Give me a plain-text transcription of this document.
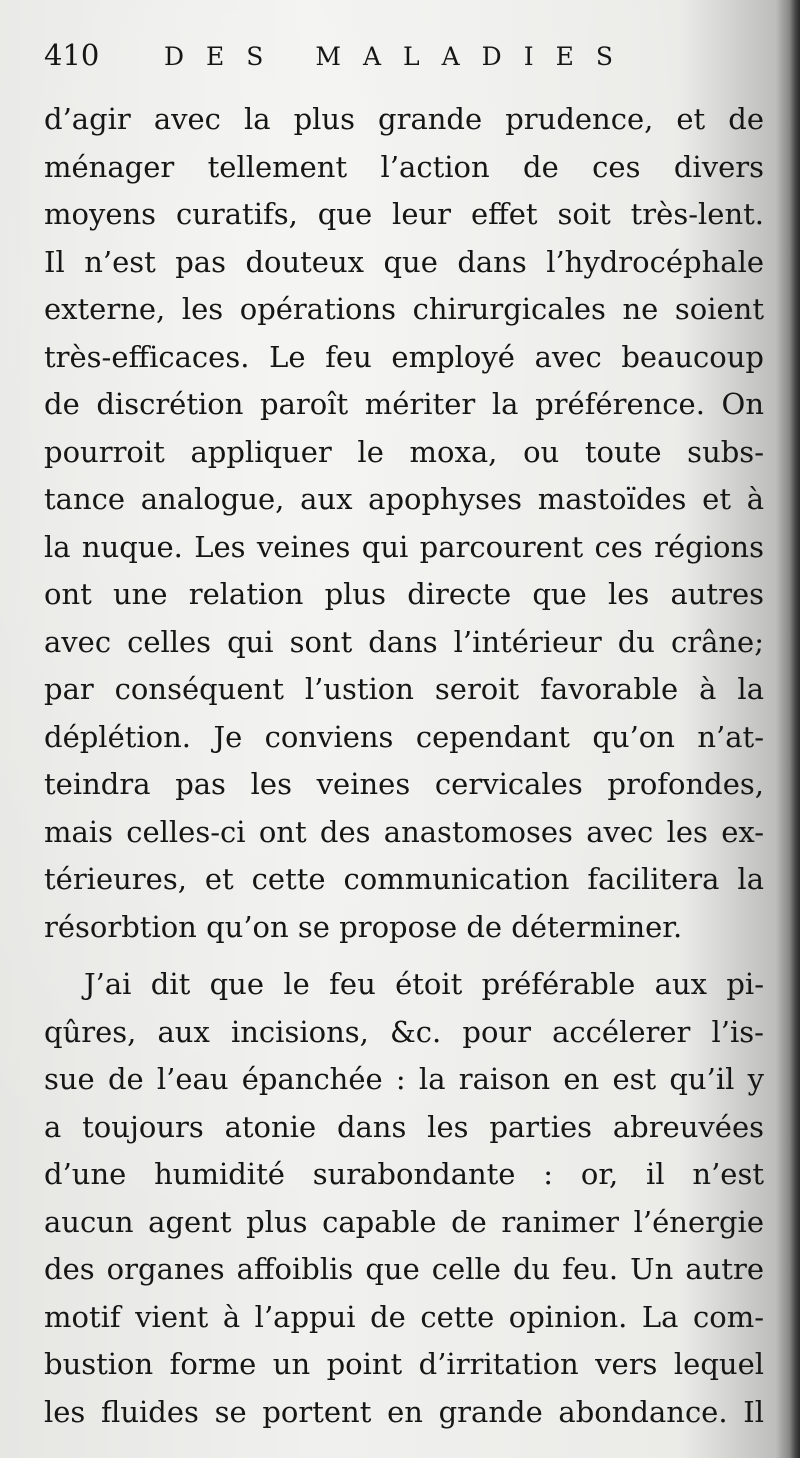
410	DES MALADIES
d’agir avec la plus grande prudence, et de
ménager tellement l’action de ces divers
moyens curatifs, que leur effet soit très-lent.
Il n’est pas douteux que dans l’hydrocéphale
externe, les opérations chirurgicales ne soient
très-efficaces. Le feu employé avec beaucoup
de discrétion paroît mériter la préférence. On
pourroit appliquer le moxa, ou toute subs-
tance analogue, aux apophyses mastoïdes et à
la nuque. Les veines qui parcourent ces régions
ont une relation plus directe que les autres
avec celles qui sont dans l’intérieur du crâne;
par conséquent l’ustion seroit favorable à la
déplétion. Je conviens cependant qu’on n’at-
teindra pas les veines cervicales profondes,
mais celles-ci ont des anastomoses avec les ex-
térieures, et cette communication facilitera la
résorbtion qu’on se propose de déterminer.
J’ai dit que le feu étoit préférable aux pi-
qûres, aux incisions, &c. pour accélerer l’is-
sue de l’eau épanchée : la raison en est qu’il y
a toujours atonie dans les parties abreuvées
d’une humidité surabondante : or, il n’est
aucun agent plus capable de ranimer l’énergie
des organes affoiblis que celle du feu. Un autre
motif vient à l’appui de cette opinion. La com-
bustion forme un point d’irritation vers lequel
les fluides se portent en grande abondance. Il
